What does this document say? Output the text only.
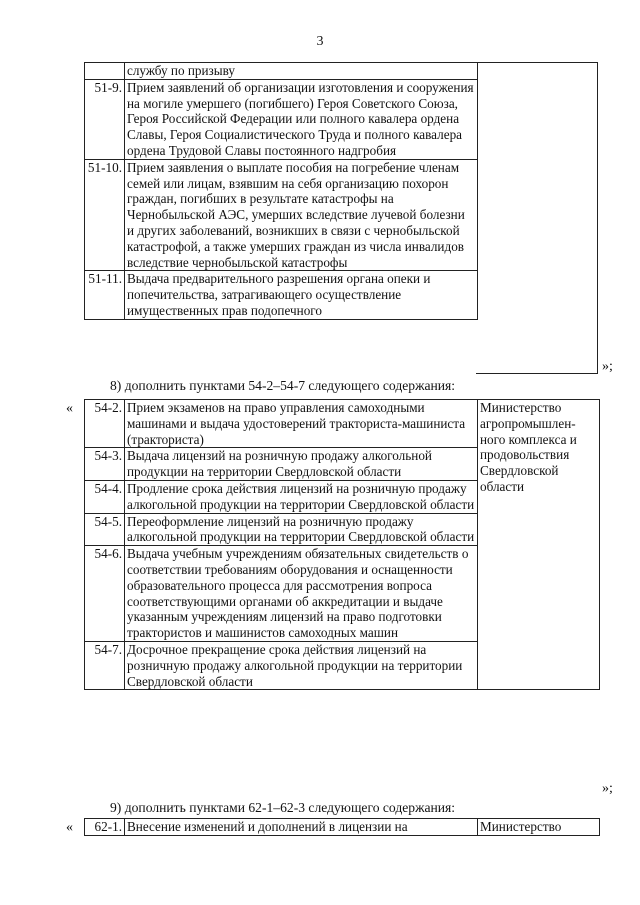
3
	службу по призыву
51-9.	Прием заявлений об организации изготовления и сооружения на могиле умершего (погибшего) Героя Советского Союза, Героя Российской Федерации или полного кавалера ордена Славы, Героя Социалистического Труда и полного кавалера ордена Трудовой Славы постоянного надгробия
51-10.	Прием заявления о выплате пособия на погребение членам семей или лицам, взявшим на себя организацию похорон граждан, погибших в результате катастрофы на Чернобыльской АЭС, умерших вследствие лучевой болезни и других заболеваний, возникших в связи с чернобыльской катастрофой, а также умерших граждан из числа инвалидов вследствие чернобыльской катастрофы
51-11.	Выдача предварительного разрешения органа опеки и попечительства, затрагивающего осуществление имущественных прав подопечного
»;
8) дополнить пунктами 54-2–54-7 следующего содержания:
« 54-2.	Прием экзаменов на право управления самоходными машинами и выдача удостоверений тракториста-машиниста (тракториста)	Министерство агропромышлен-ного комплекса и продовольствия Свердловской области
54-3.	Выдача лицензий на розничную продажу алкогольной продукции на территории Свердловской области	
54-4.	Продление срока действия лицензий на розничную продажу алкогольной продукции на территории Свердловской области	
54-5.	Переоформление лицензий на розничную продажу алкогольной продукции на территории Свердловской области	
54-6.	Выдача учебным учреждениям обязательных свидетельств о соответствии требованиям оборудования и оснащенности образовательного процесса для рассмотрения вопроса соответствующими органами об аккредитации и выдаче указанным учреждениям лицензий на право подготовки трактористов и машинистов самоходных машин	
54-7.	Досрочное прекращение срока действия лицензий на розничную продажу алкогольной продукции на территории Свердловской области	
»;
9) дополнить пунктами 62-1–62-3 следующего содержания:
« 62-1.	Внесение изменений и дополнений в лицензии на	Министерство
